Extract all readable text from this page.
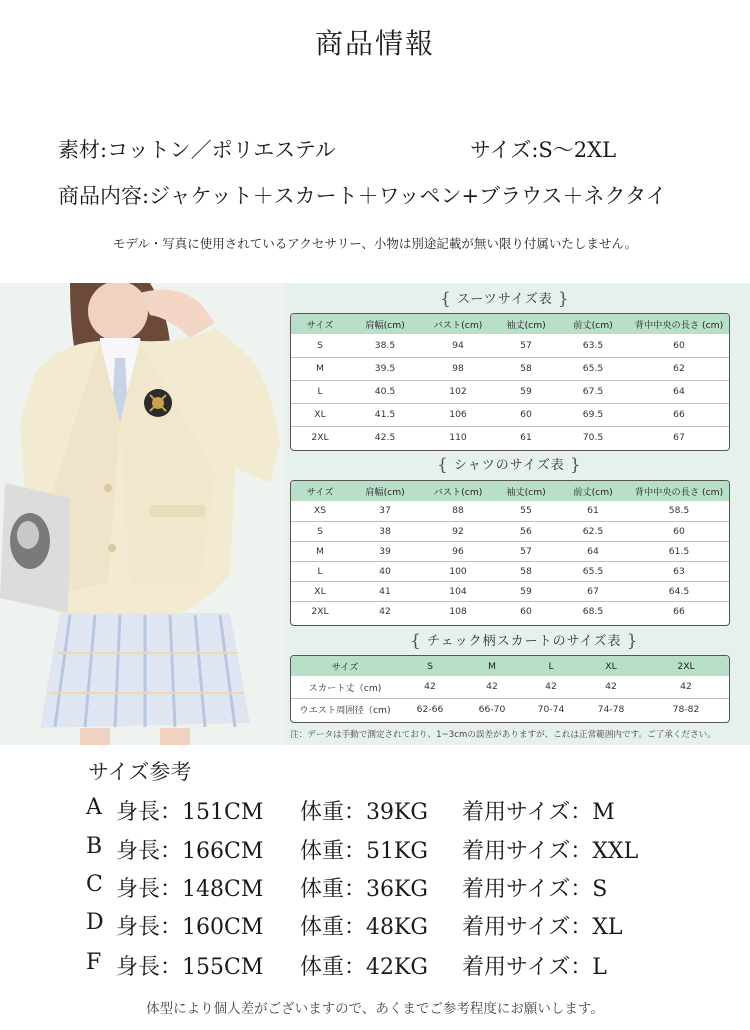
商品情報
素材:コットン／ポリエステル	サイズ:S～2XL
商品内容:ジャケット＋スカート＋ワッペン+ブラウス＋ネクタイ
モデル・写真に使用されているアクセサリー、小物は別途記載が無い限り付属いたしません。
{ スーツサイズ表 }
サイズ	肩幅(cm)	バスト(cm)	袖丈(cm)	前丈(cm)	背中中央の長さ (cm)
S	38.5	94	57	63.5	60
M	39.5	98	58	65.5	62
L	40.5	102	59	67.5	64
XL	41.5	106	60	69.5	66
2XL	42.5	110	61	70.5	67
{ シャツのサイズ表 }
サイズ	肩幅(cm)	バスト(cm)	袖丈(cm)	前丈(cm)	背中中央の長さ (cm)
XS	37	88	55	61	58.5
S	38	92	56	62.5	60
M	39	96	57	64	61.5
L	40	100	58	65.5	63
XL	41	104	59	67	64.5
2XL	42	108	60	68.5	66
{ チェック柄スカートのサイズ表 }
サイズ	S	M	L	XL	2XL
スカート丈（cm)	42	42	42	42	42
ウエスト周囲径（cm)	62-66	66-70	70-74	74-78	78-82
注：データは手動で測定されており、1~3cmの誤差がありますが、これは正常範囲内です。ご了承ください。
サイズ参考
A 身長：151CM 体重：39KG 着用サイズ：M
B 身長：166CM 体重：51KG 着用サイズ：XXL
C 身長：148CM 体重：36KG 着用サイズ：S
D 身長：160CM 体重：48KG 着用サイズ：XL
F 身長：155CM 体重：42KG 着用サイズ：L
体型により個人差がございますので、あくまでご参考程度にお願いします。
